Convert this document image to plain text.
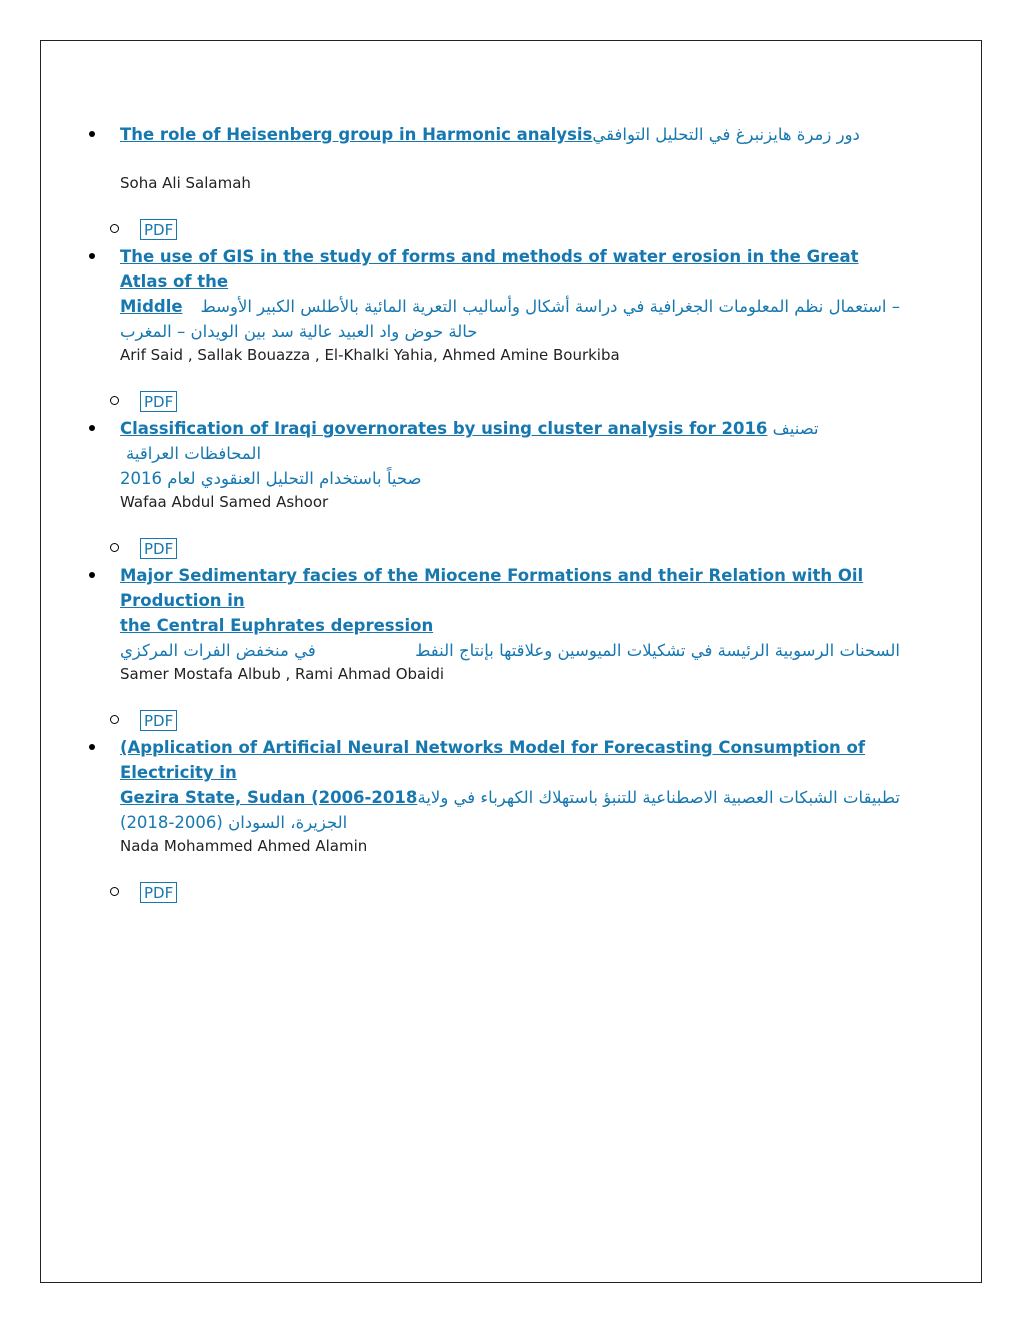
The role of Heisenberg group in Harmonic analysisدور زمرة هايزنبرغ في التحليل التوافقي
Soha Ali Salamah
PDF
The use of GIS in the study of forms and methods of water erosion in the Great Atlas of the
Middle – استعمال نظم المعلومات الجغرافية في دراسة أشكال وأساليب التعرية المائية بالأطلس الكبير الأوسط
حالة حوض واد العبيد عالية سد بين الويدان – المغرب
Arif Said , Sallak Bouazza , El-Khalki Yahia, Ahmed Amine Bourkiba
PDF
Classification of Iraqi governorates by using cluster analysis for 2016 تصنيف المحافظات العراقية
صحياً باستخدام التحليل العنقودي لعام 2016
Wafaa Abdul Samed Ashoor
PDF
Major Sedimentary facies of the Miocene Formations and their Relation with Oil Production in
the Central Euphrates depression
السحنات الرسوبية الرئيسة في تشكيلات الميوسين وعلاقتها بإنتاج النفط

في منخفض الفرات المركزي
Samer Mostafa Albub , Rami Ahmad Obaidi
PDF
(Application of Artificial Neural Networks Model for Forecasting Consumption of Electricity in
Gezira State, Sudan (2006-2018 تطبيقات الشبكات العصبية الاصطناعية للتنبؤ باستهلاك الكهرباء في ولاية

الجزيرة، السودان (2006-2018)
Nada Mohammed Ahmed Alamin
PDF
